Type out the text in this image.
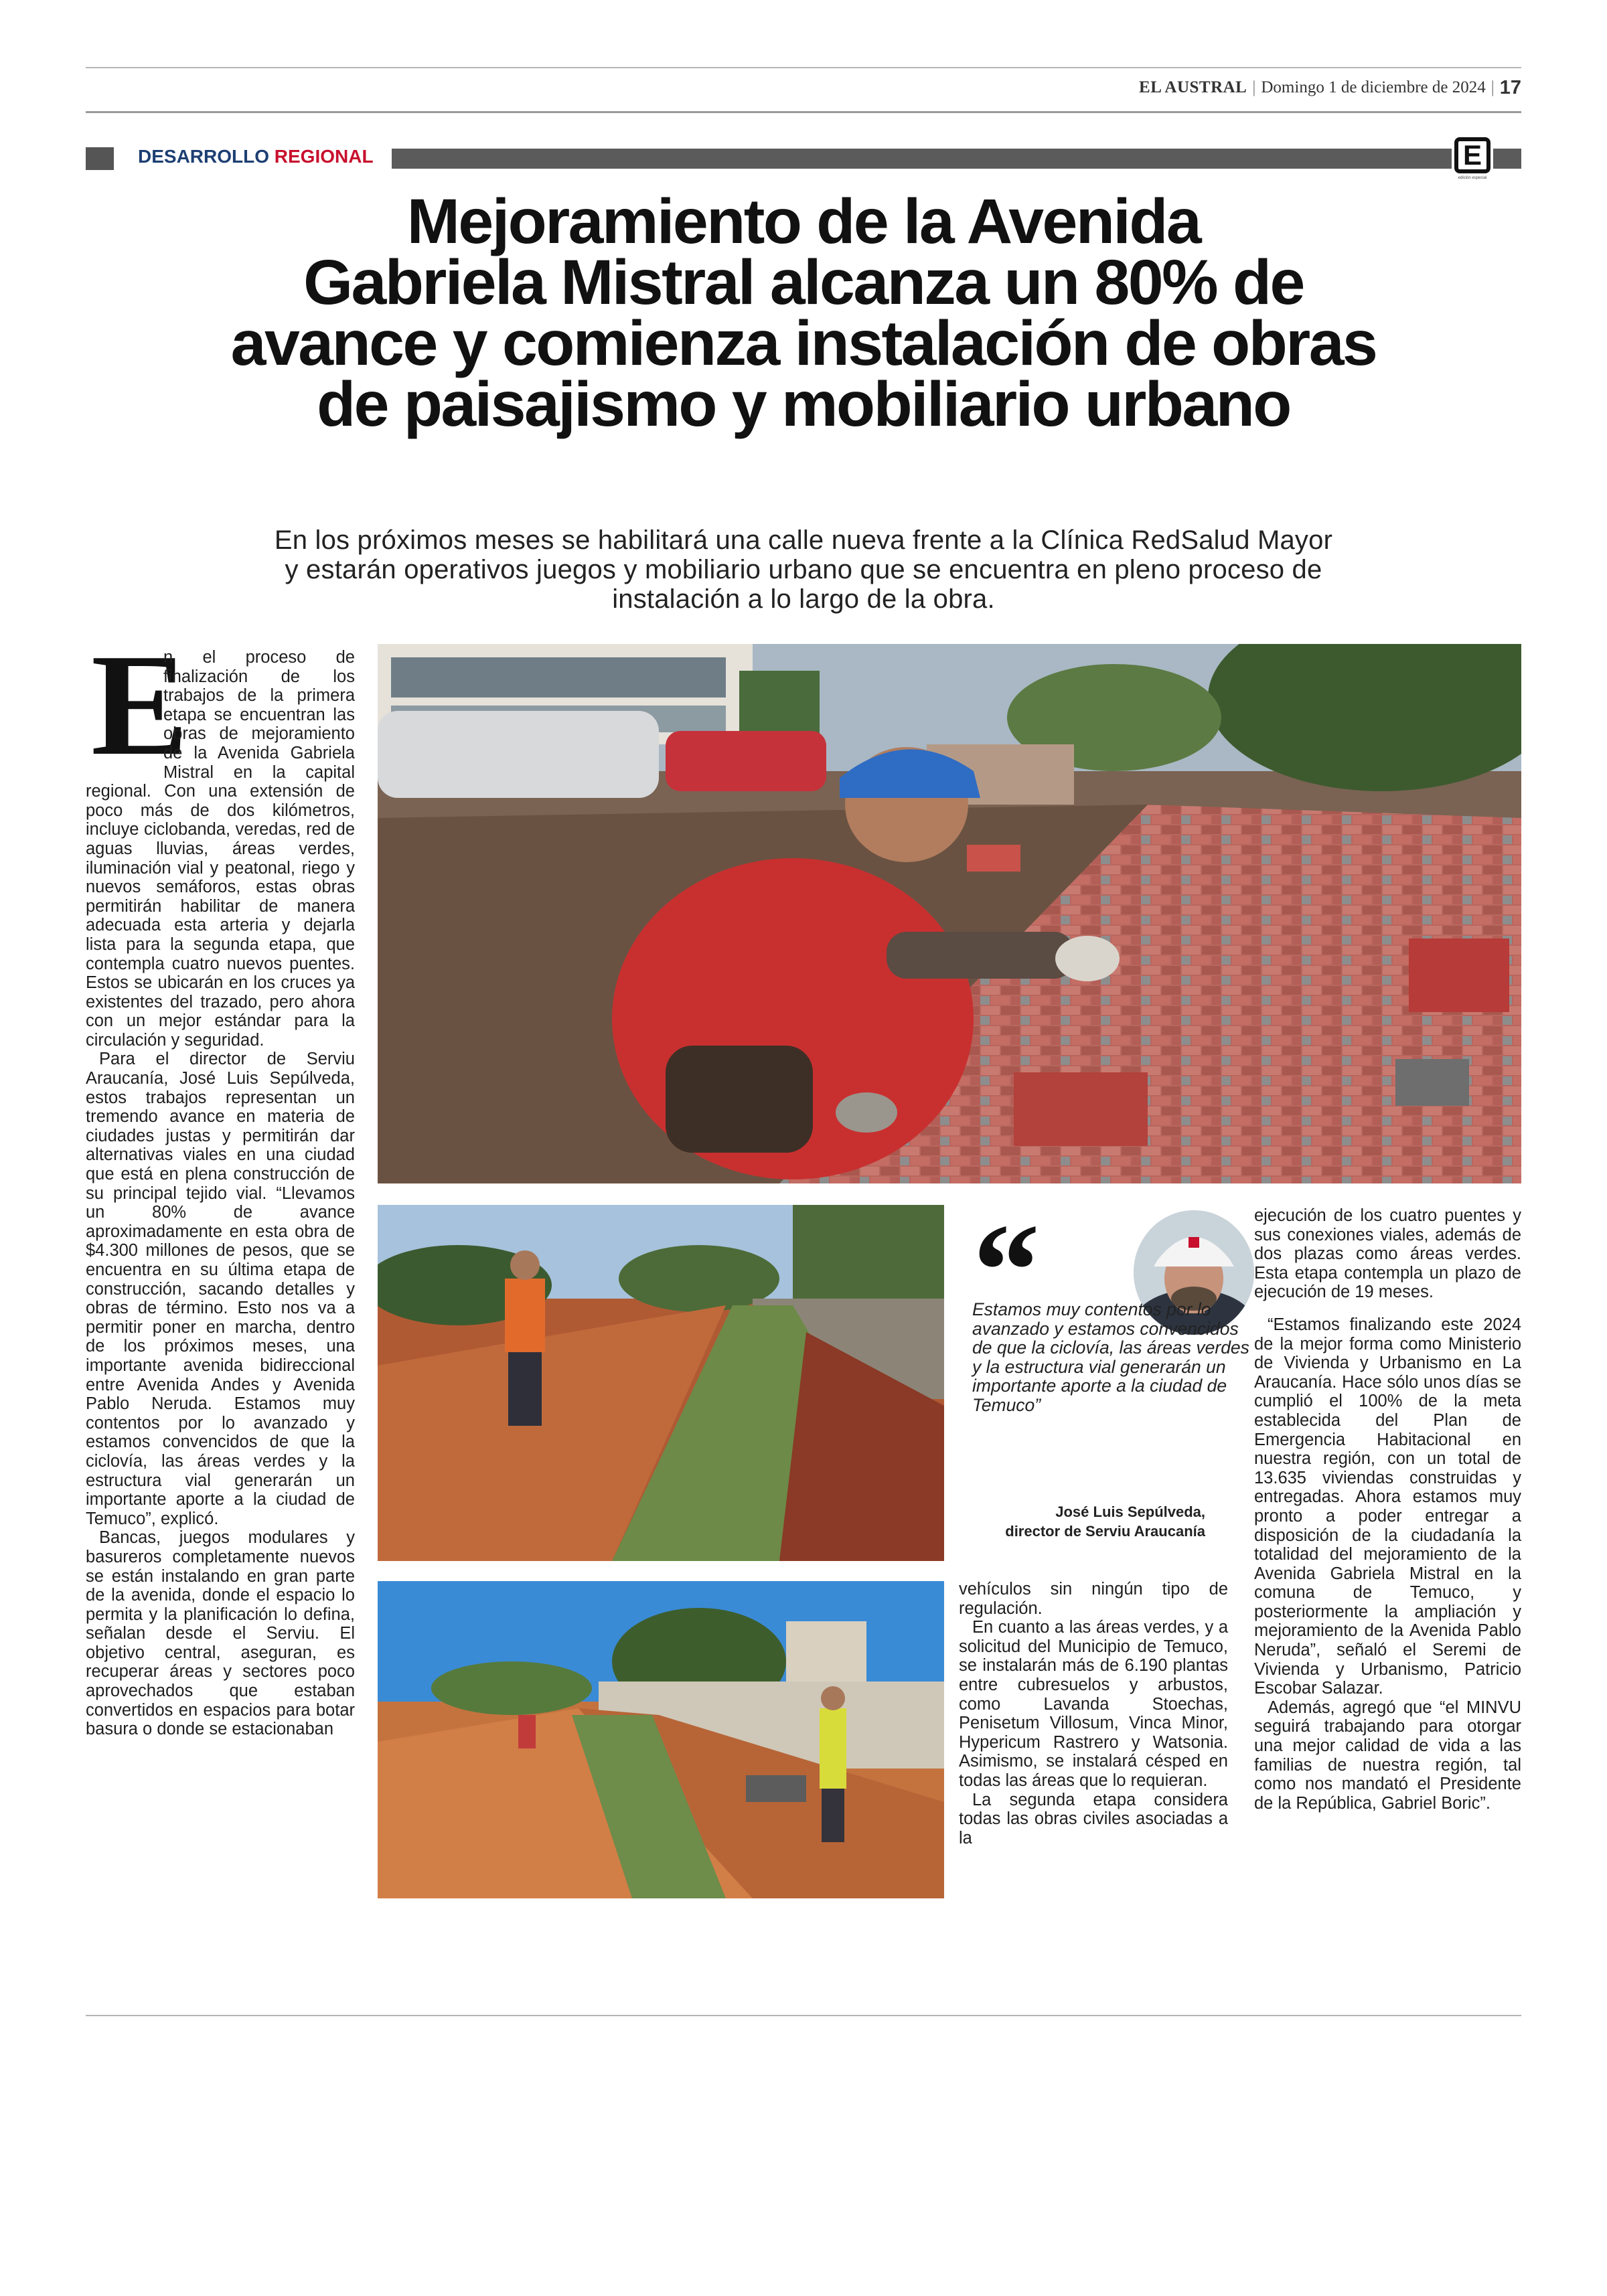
EL AUSTRAL | Domingo 1 de diciembre de 2024 | 17
DESARROLLO REGIONAL	E
edición especial
Mejoramiento de la Avenida
Gabriela Mistral alcanza un 80% de
avance y comienza instalación de obras
de paisajismo y mobiliario urbano
En los próximos meses se habilitará una calle nueva frente a la Clínica RedSalud Mayor
y estarán operativos juegos y mobiliario urbano que se encuentra en pleno proceso de
instalación a lo largo de la obra.
E

n el proceso de finalización de los trabajos de la primera etapa se encuentran las obras de mejoramiento de la Avenida Gabriela Mistral en la capital regional. Con una extensión de poco más de dos kilómetros, incluye ciclobanda, veredas, red de aguas lluvias, áreas verdes, iluminación vial y peatonal, riego y nuevos semáforos, estas obras permitirán habilitar de manera adecuada esta arteria y dejarla lista para la segunda etapa, que contempla cuatro nuevos puentes. Estos se ubicarán en los cruces ya existentes del trazado, pero ahora con un mejor estándar para la circulación y seguridad.

Para el director de Serviu Araucanía, José Luis Sepúlveda, estos trabajos representan un tremendo avance en materia de ciudades justas y permitirán dar alternativas viales en una ciudad que está en plena construcción de su principal tejido vial. “Llevamos un 80% de avance aproximadamente en esta obra de $4.300 millones de pesos, que se encuentra en su última etapa de construcción, sacando detalles y obras de término. Esto nos va a permitir poner en marcha, dentro de los próximos meses, una importante avenida bidireccional entre Avenida Andes y Avenida Pablo Neruda. Estamos muy contentos por lo avanzado y estamos convencidos de que la ciclovía, las áreas verdes y la estructura vial generarán un importante aporte a la ciudad de Temuco”, explicó.

Bancas, juegos modulares y basureros completamente nuevos se están instalando en gran parte de la avenida, donde el espacio lo permita y la planificación lo defina, señalan desde el Serviu. El objetivo central, aseguran, es recuperar áreas y sectores poco aprovechados que estaban convertidos en espacios para botar basura o donde se estacionaban

“
Estamos muy contentos por lo avanzado y estamos convencidos de que la ciclovía, las áreas verdes y la estructura vial generarán un importante aporte a la ciudad de Temuco”
José Luis Sepúlveda,
director de Serviu Araucanía

vehículos sin ningún tipo de regulación.

En cuanto a las áreas verdes, y a solicitud del Municipio de Temuco, se instalarán más de 6.190 plantas entre cubresuelos y arbustos, como Lavanda Stoechas, Penisetum Villosum, Vinca Minor, Hypericum Rastrero y Watsonia. Asimismo, se instalará césped en todas las áreas que lo requieran.

La segunda etapa considera todas las obras civiles asociadas a la

ejecución de los cuatro puentes y sus conexiones viales, además de dos plazas como áreas verdes. Esta etapa contempla un plazo de ejecución de 19 meses.

“Estamos finalizando este 2024 de la mejor forma como Ministerio de Vivienda y Urbanismo en La Araucanía. Hace sólo unos días se cumplió el 100% de la meta establecida del Plan de Emergencia Habitacional en nuestra región, con un total de 13.635 viviendas construidas y entregadas. Ahora estamos muy pronto a poder entregar a disposición de la ciudadanía la totalidad del mejoramiento de la Avenida Gabriela Mistral en la comuna de Temuco, y posteriormente la ampliación y mejoramiento de la Avenida Pablo Neruda”, señaló el Seremi de Vivienda y Urbanismo, Patricio Escobar Salazar.

Además, agregó que “el MINVU seguirá trabajando para otorgar una mejor calidad de vida a las familias de nuestra región, tal como nos mandató el Presidente de la República, Gabriel Boric”.
